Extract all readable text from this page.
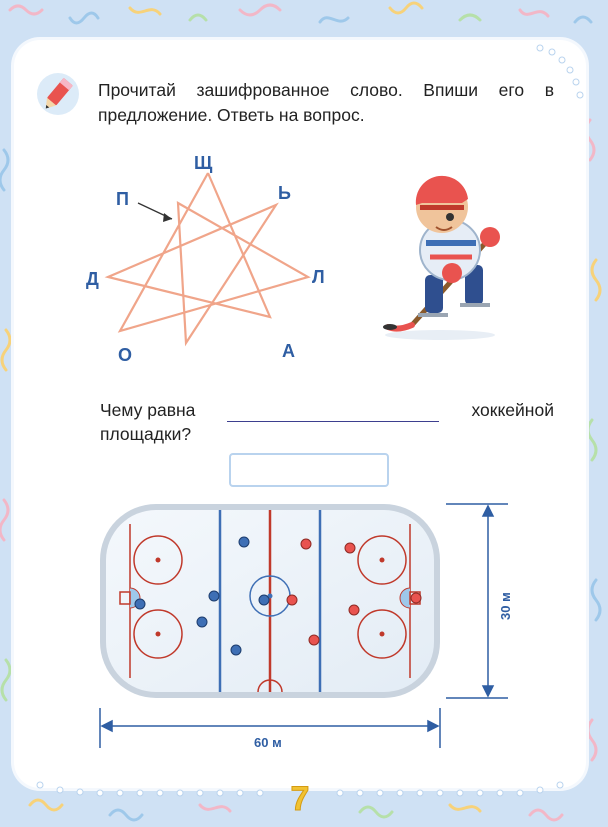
Прочитай зашифрованное слово. Впиши его в предложение. Ответь на вопрос.
Щ
Ь
Л
А
О
Д
П
Чему равна	хоккейной
площадки?
60 м
30 м
7
